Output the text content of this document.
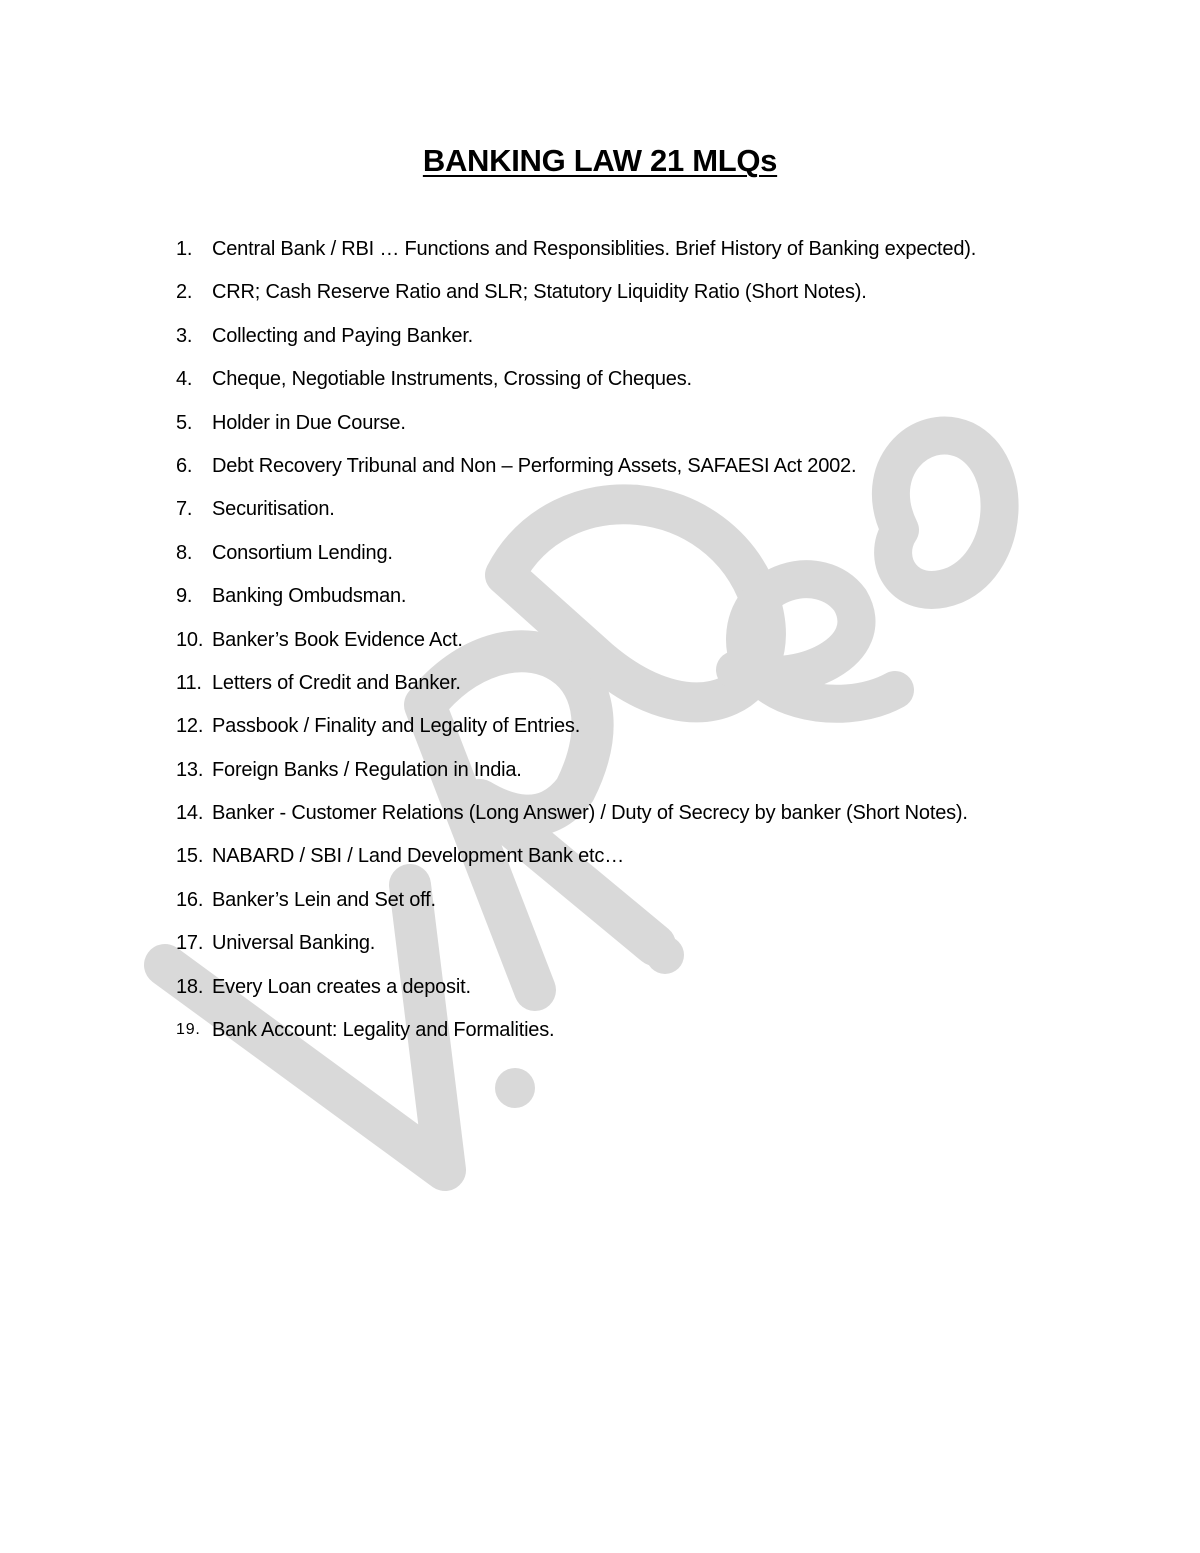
BANKING LAW 21 MLQs
1. Central Bank / RBI … Functions and Responsiblities. Brief History of Banking expected).
2. CRR; Cash Reserve Ratio and SLR; Statutory Liquidity Ratio (Short Notes).
3. Collecting and Paying Banker.
4. Cheque, Negotiable Instruments, Crossing of Cheques.
5. Holder in Due Course.
6. Debt Recovery Tribunal and Non – Performing Assets, SAFAESI Act 2002.
7. Securitisation.
8. Consortium Lending.
9. Banking Ombudsman.
10. Banker’s Book Evidence Act.
11. Letters of Credit and Banker.
12. Passbook / Finality and Legality of Entries.
13. Foreign Banks / Regulation in India.
14. Banker - Customer Relations (Long Answer) / Duty of Secrecy by banker (Short Notes).
15. NABARD / SBI / Land Development Bank etc…
16. Banker’s Lein and Set off.
17. Universal Banking.
18. Every Loan creates a deposit.
19. Bank Account: Legality and Formalities.
